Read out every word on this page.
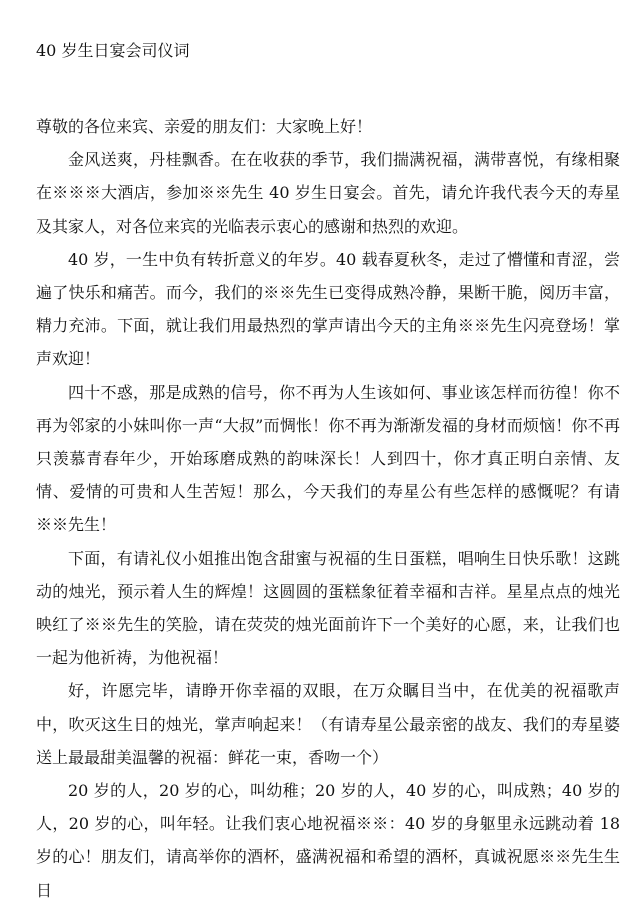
40 岁生日宴会司仪词

尊敬的各位来宾、亲爱的朋友们：大家晚上好！

金风送爽，丹桂飘香。在在收获的季节，我们揣满祝福，满带喜悦，有缘相聚在※※※大酒店，参加※※先生 40 岁生日宴会。首先，请允许我代表今天的寿星及其家人，对各位来宾的光临表示衷心的感谢和热烈的欢迎。

40 岁，一生中负有转折意义的年岁。40 载春夏秋冬，走过了懵懂和青涩，尝遍了快乐和痛苦。而今，我们的※※先生已变得成熟冷静，果断干脆，阅历丰富，精力充沛。下面，就让我们用最热烈的掌声请出今天的主角※※先生闪亮登场！掌声欢迎！

四十不惑，那是成熟的信号，你不再为人生该如何、事业该怎样而彷徨！你不再为邻家的小妹叫你一声“大叔”而惆怅！你不再为渐渐发福的身材而烦恼！你不再只羡慕青春年少，开始琢磨成熟的韵味深长！人到四十，你才真正明白亲情、友情、爱情的可贵和人生苦短！那么，今天我们的寿星公有些怎样的感慨呢？有请※※先生！

下面，有请礼仪小姐推出饱含甜蜜与祝福的生日蛋糕，唱响生日快乐歌！这跳动的烛光，预示着人生的辉煌！这圆圆的蛋糕象征着幸福和吉祥。星星点点的烛光映红了※※先生的笑脸，请在荧荧的烛光面前许下一个美好的心愿，来，让我们也一起为他祈祷，为他祝福！

好，许愿完毕，请睁开你幸福的双眼，在万众瞩目当中，在优美的祝福歌声中，吹灭这生日的烛光，掌声响起来！（有请寿星公最亲密的战友、我们的寿星婆送上最最甜美温馨的祝福：鲜花一束，香吻一个）

20 岁的人，20 岁的心，叫幼稚；20 岁的人，40 岁的心，叫成熟；40 岁的人，20 岁的心，叫年轻。让我们衷心地祝福※※：40 岁的身躯里永远跳动着 18 岁的心！朋友们，请高举你的酒杯，盛满祝福和希望的酒杯，真诚祝愿※※先生生日
